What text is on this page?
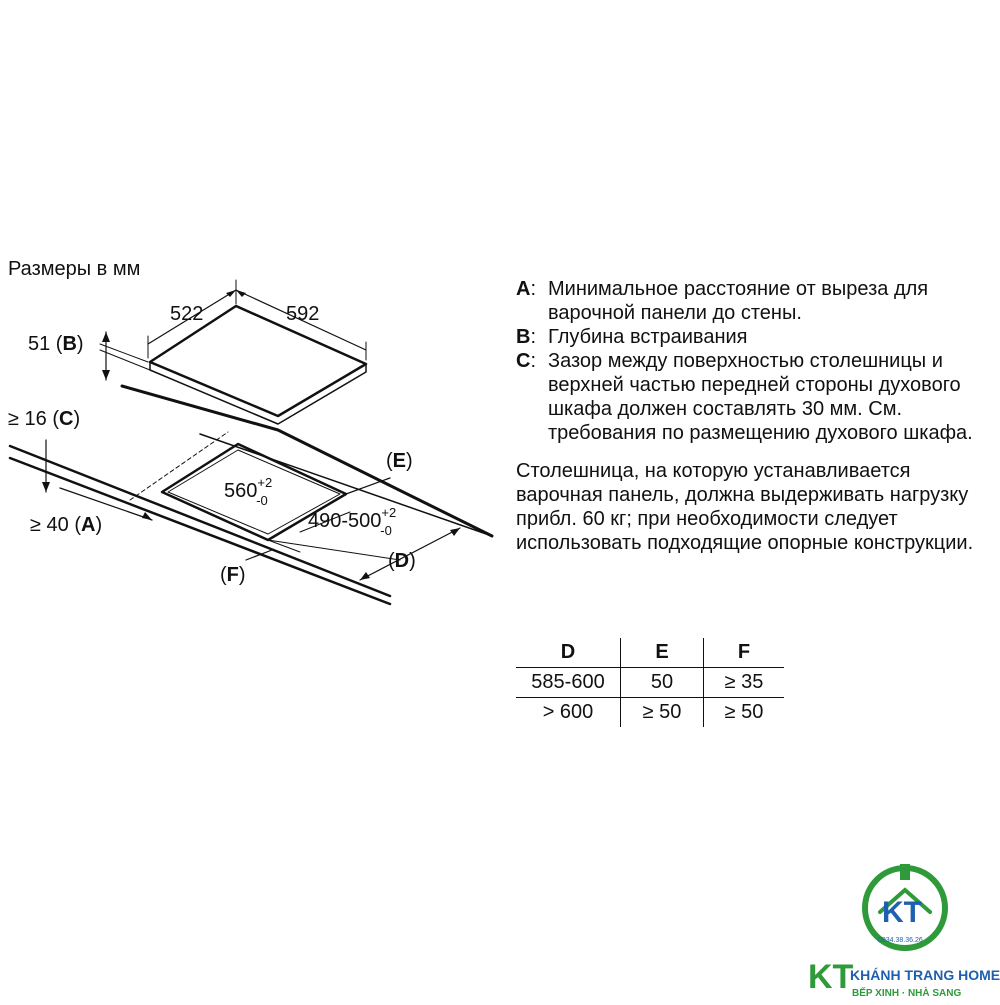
Размеры в мм
522	592
51 (B)
≥ 16 (C)
≥ 40 (A)
(E)
(F)
(D)
$560^{+2}_{-0}$
$490-500^{+2}_{-0}$
A: Минимальное расстояние от выреза для варочной панели до стены.
B: Глубина встраивания
C: Зазор между поверхностью столешницы и верхней частью передней стороны духового шкафа должен составлять 30 мм. См. требования по размещению духового шкафа.
Столешница, на которую устанавливается варочная панель, должна выдерживать нагрузку прибл. 60 кг; при необходимости следует использовать подходящие опорные конструкции.
D	E	F
585-600	50	≥ 35
> 600	≥ 50	≥ 50
KT
KT
0934.38.36.26
KHÁNH TRANG HOME
BẾP XINH · NHÀ SANG
